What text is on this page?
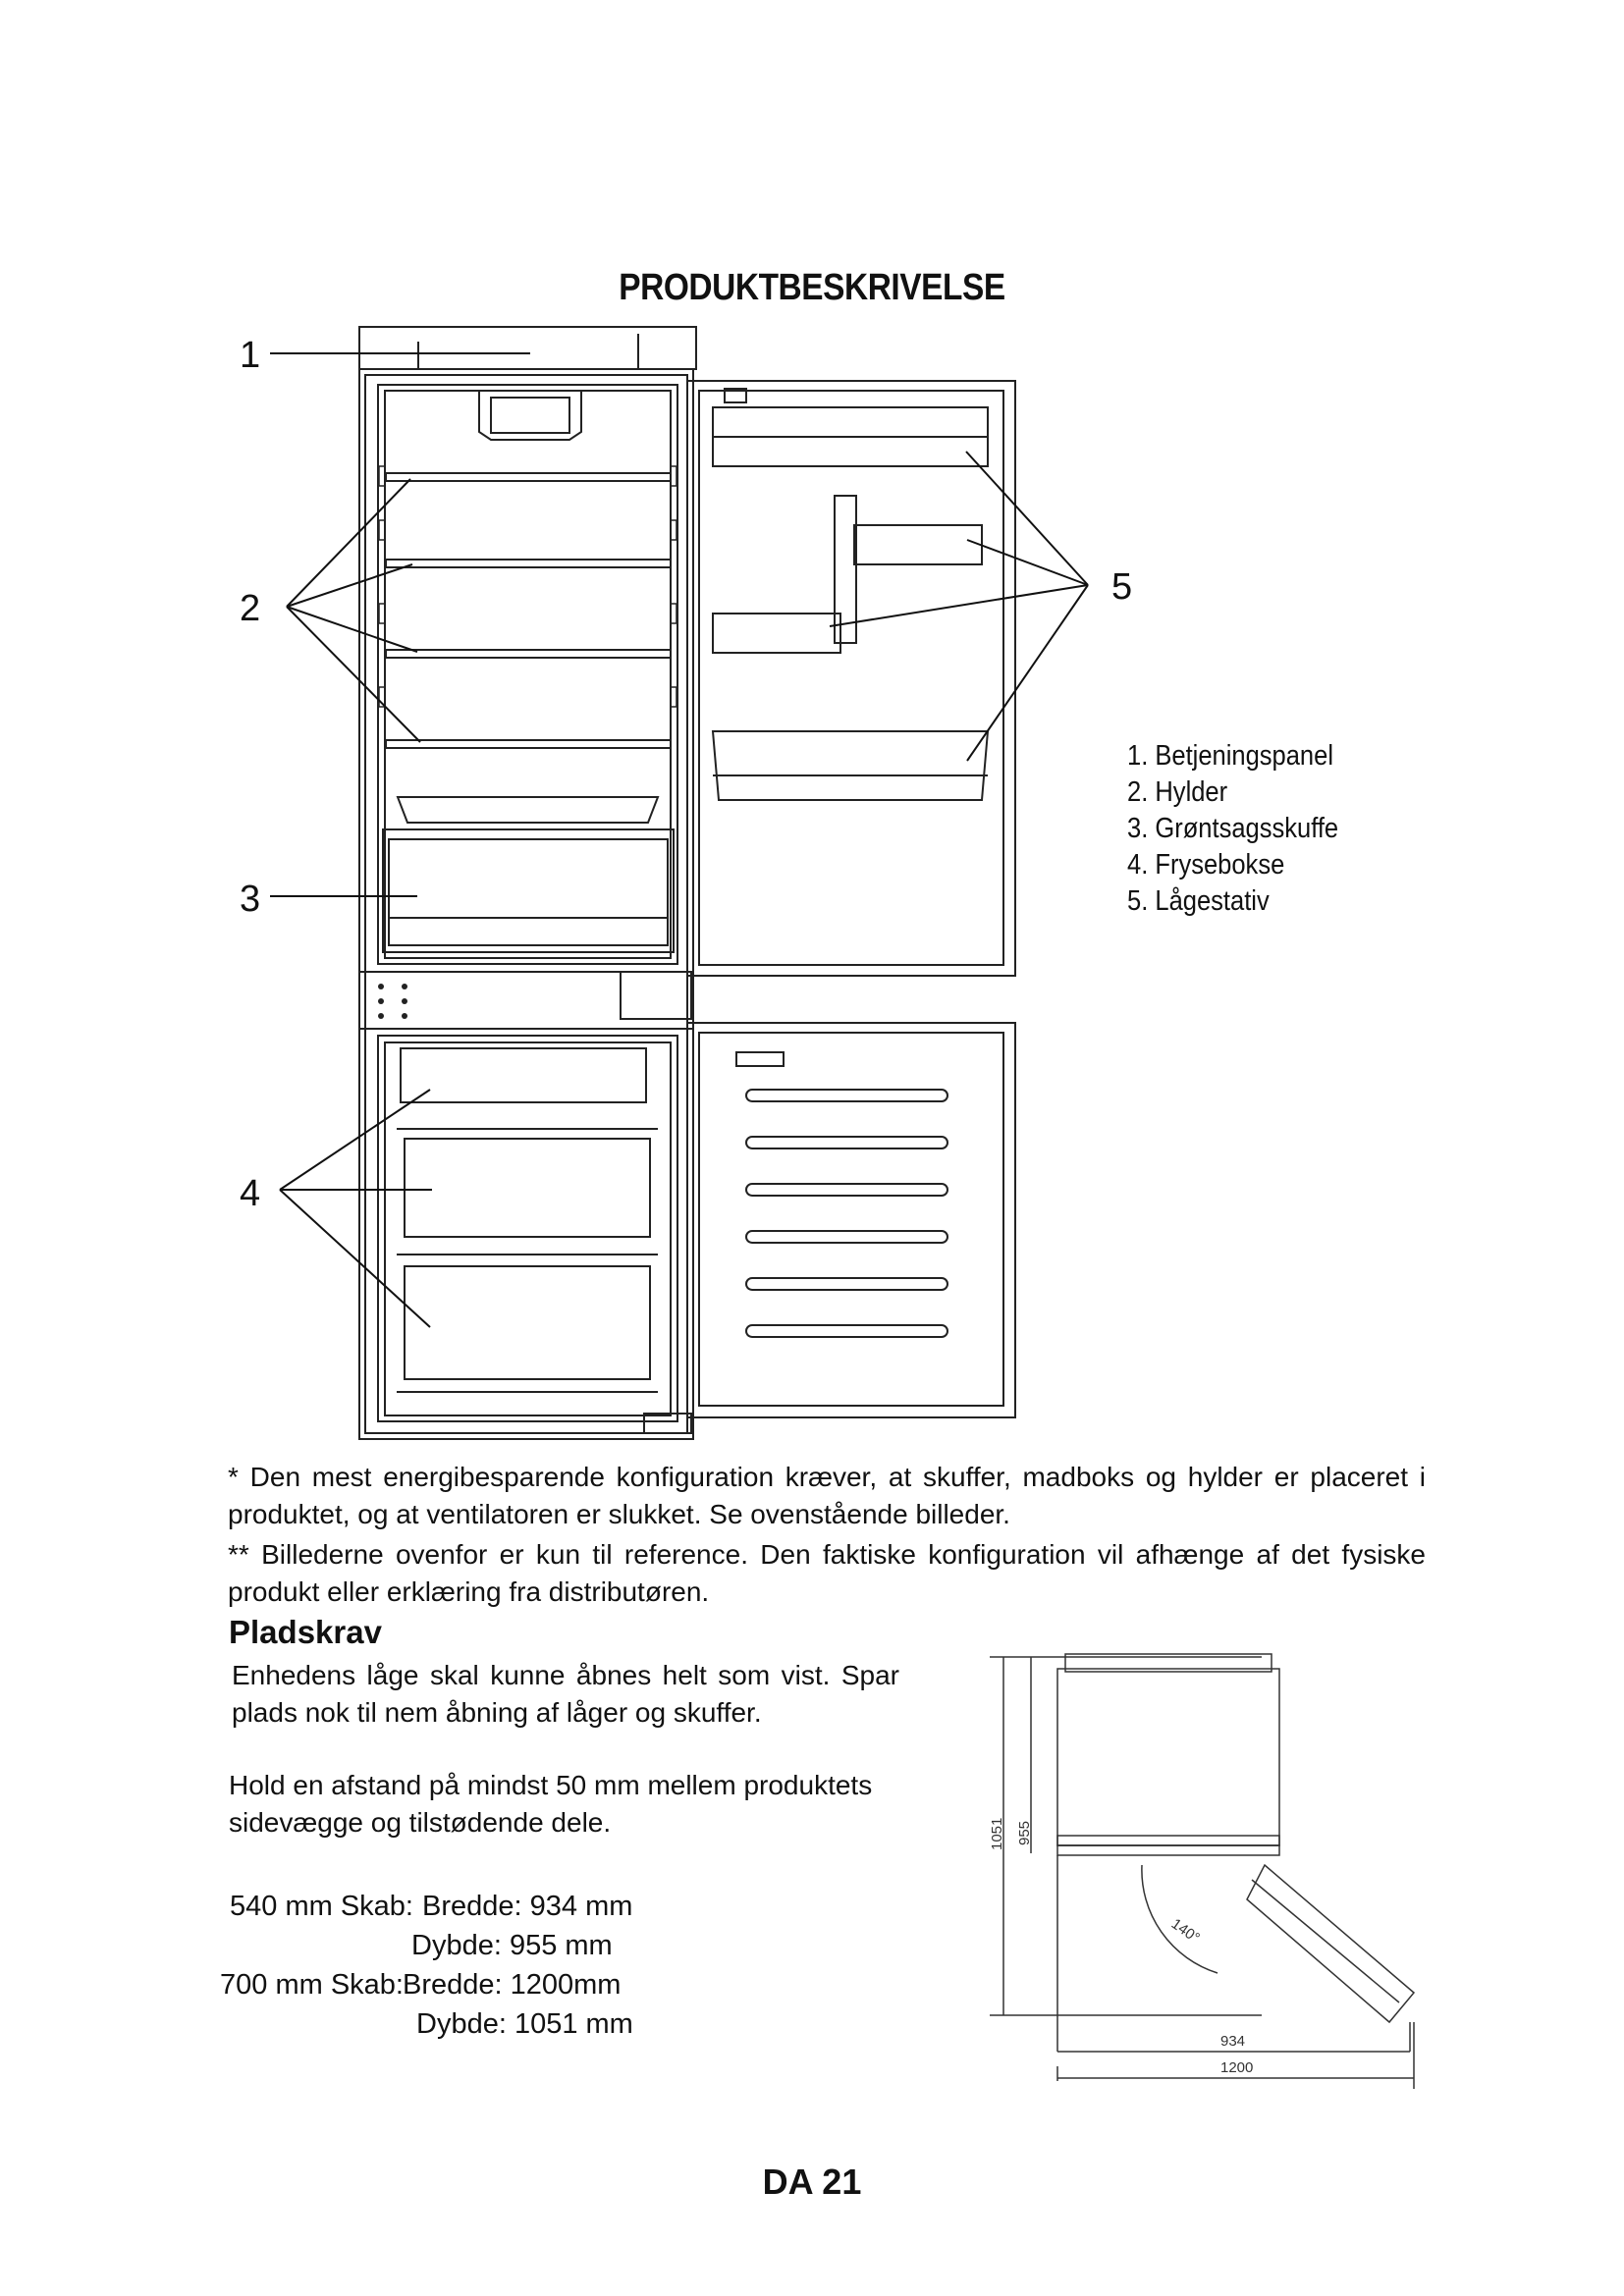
PRODUKTBESKRIVELSE
1
2
3
4
5
1051 955
934
1200
140°
1. Betjeningspanel
2. Hylder
3. Grøntsagsskuffe
4. Frysebokse
5. Lågestativ

* Den mest energibesparende konfiguration kræver, at skuffer, madboks og hylder er placeret i produktet, og at ventilatoren er slukket. Se ovenstående billeder.

** Billederne ovenfor er kun til reference. Den faktiske konfiguration vil afhænge af det fysiske produkt eller erklæring fra distributøren.

Pladskrav
Enhedens låge skal kunne åbnes helt som vist. Spar plads nok til nem åbning af låger og skuffer.
Hold en afstand på mindst 50 mm mellem produktets sidevægge og tilstødende dele.
540 mm Skab: Bredde: 934 mm
Dybde: 955 mm
700 mm Skab: Bredde: 1200mm
Dybde: 1051 mm
DA 21
